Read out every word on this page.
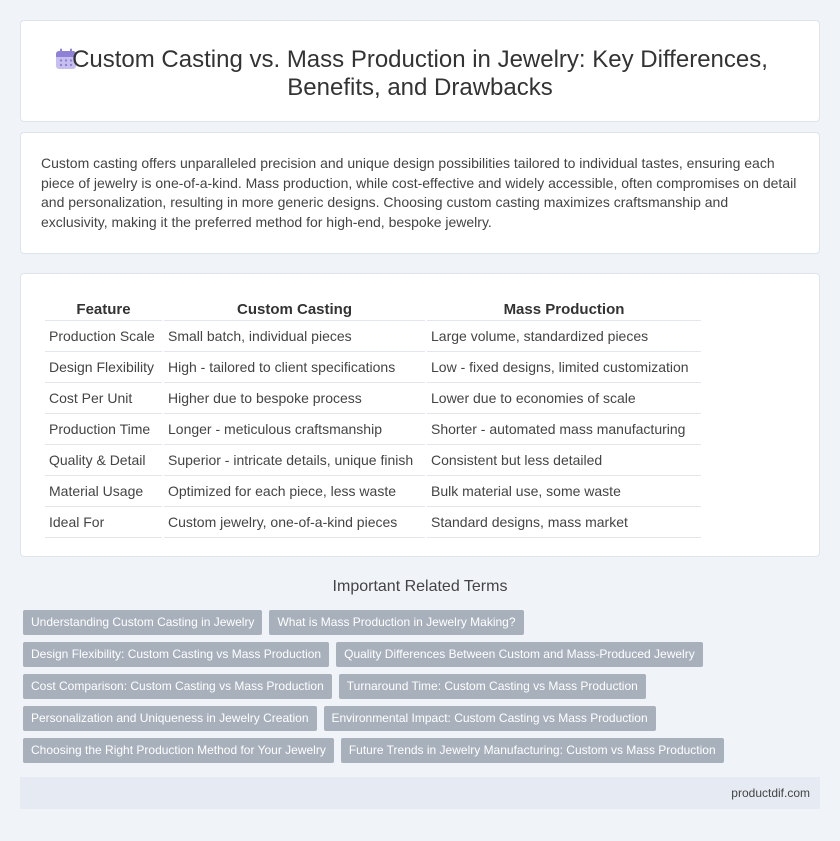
Custom Casting vs. Mass Production in Jewelry: Key Differences, Benefits, and Drawbacks

Custom casting offers unparalleled precision and unique design possibilities tailored to individual tastes, ensuring each piece of jewelry is one-of-a-kind. Mass production, while cost-effective and widely accessible, often compromises on detail and personalization, resulting in more generic designs. Choosing custom casting maximizes craftsmanship and exclusivity, making it the preferred method for high-end, bespoke jewelry.

Feature	Custom Casting	Mass Production
Production Scale	Small batch, individual pieces	Large volume, standardized pieces
Design Flexibility	High - tailored to client specifications	Low - fixed designs, limited customization
Cost Per Unit	Higher due to bespoke process	Lower due to economies of scale
Production Time	Longer - meticulous craftsmanship	Shorter - automated mass manufacturing
Quality & Detail	Superior - intricate details, unique finish	Consistent but less detailed
Material Usage	Optimized for each piece, less waste	Bulk material use, some waste
Ideal For	Custom jewelry, one-of-a-kind pieces	Standard designs, mass market
Important Related Terms
Understanding Custom Casting in Jewelry	What is Mass Production in Jewelry Making?
Design Flexibility: Custom Casting vs Mass Production	Quality Differences Between Custom and Mass-Produced Jewelry
Cost Comparison: Custom Casting vs Mass Production	Turnaround Time: Custom Casting vs Mass Production
Personalization and Uniqueness in Jewelry Creation	Environmental Impact: Custom Casting vs Mass Production
Choosing the Right Production Method for Your Jewelry	Future Trends in Jewelry Manufacturing: Custom vs Mass Production
productdif.com
